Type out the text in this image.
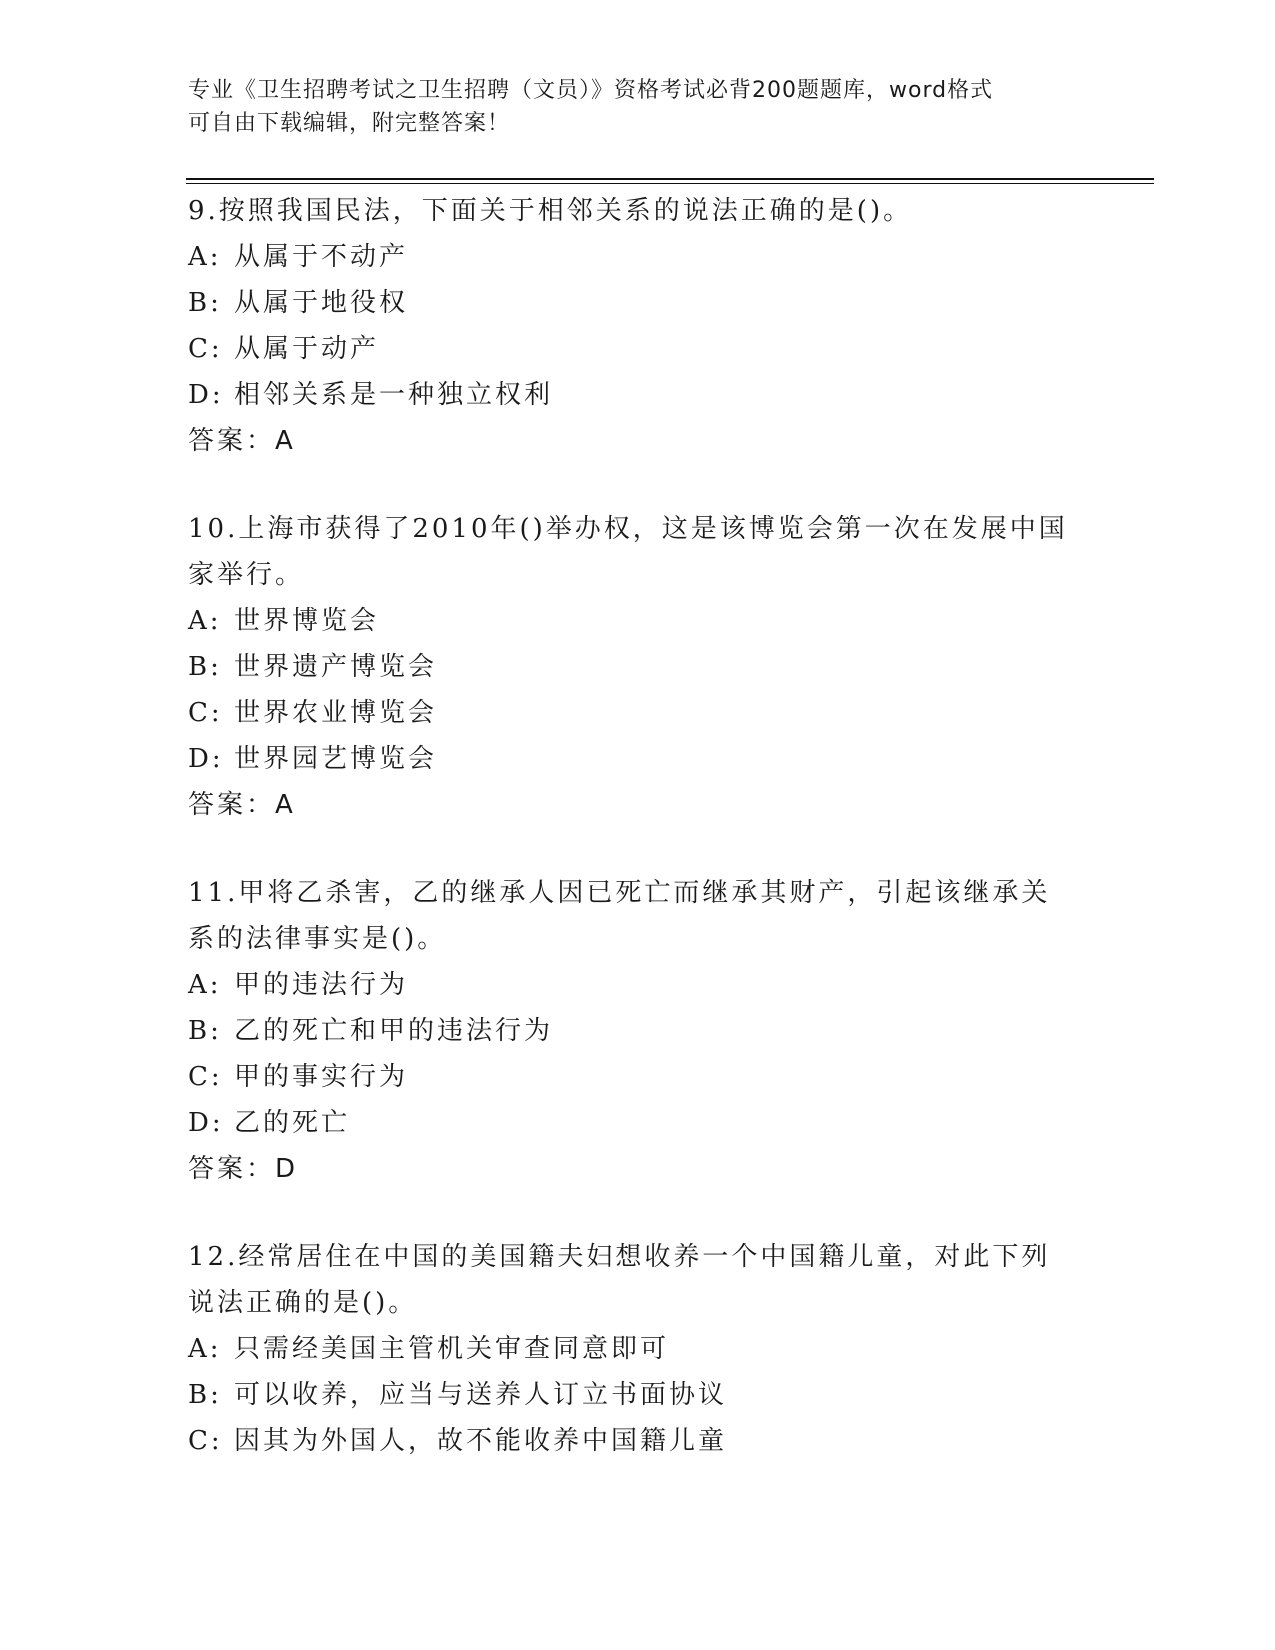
专业《卫生招聘考试之卫生招聘（文员）》资格考试必背200题题库，word格式
可自由下载编辑，附完整答案！

9.按照我国民法，下面关于相邻关系的说法正确的是()。

A: 从属于不动产

B: 从属于地役权

C: 从属于动产

D: 相邻关系是一种独立权利

答案：A

10.上海市获得了2010年()举办权，这是该博览会第一次在发展中国家举行。

A: 世界博览会

B: 世界遗产博览会

C: 世界农业博览会

D: 世界园艺博览会

答案：A

11.甲将乙杀害，乙的继承人因已死亡而继承其财产，引起该继承关系的法律事实是()。

A: 甲的违法行为

B: 乙的死亡和甲的违法行为

C: 甲的事实行为

D: 乙的死亡

答案：D

12.经常居住在中国的美国籍夫妇想收养一个中国籍儿童，对此下列说法正确的是()。

A: 只需经美国主管机关审查同意即可

B: 可以收养，应当与送养人订立书面协议

C: 因其为外国人，故不能收养中国籍儿童
